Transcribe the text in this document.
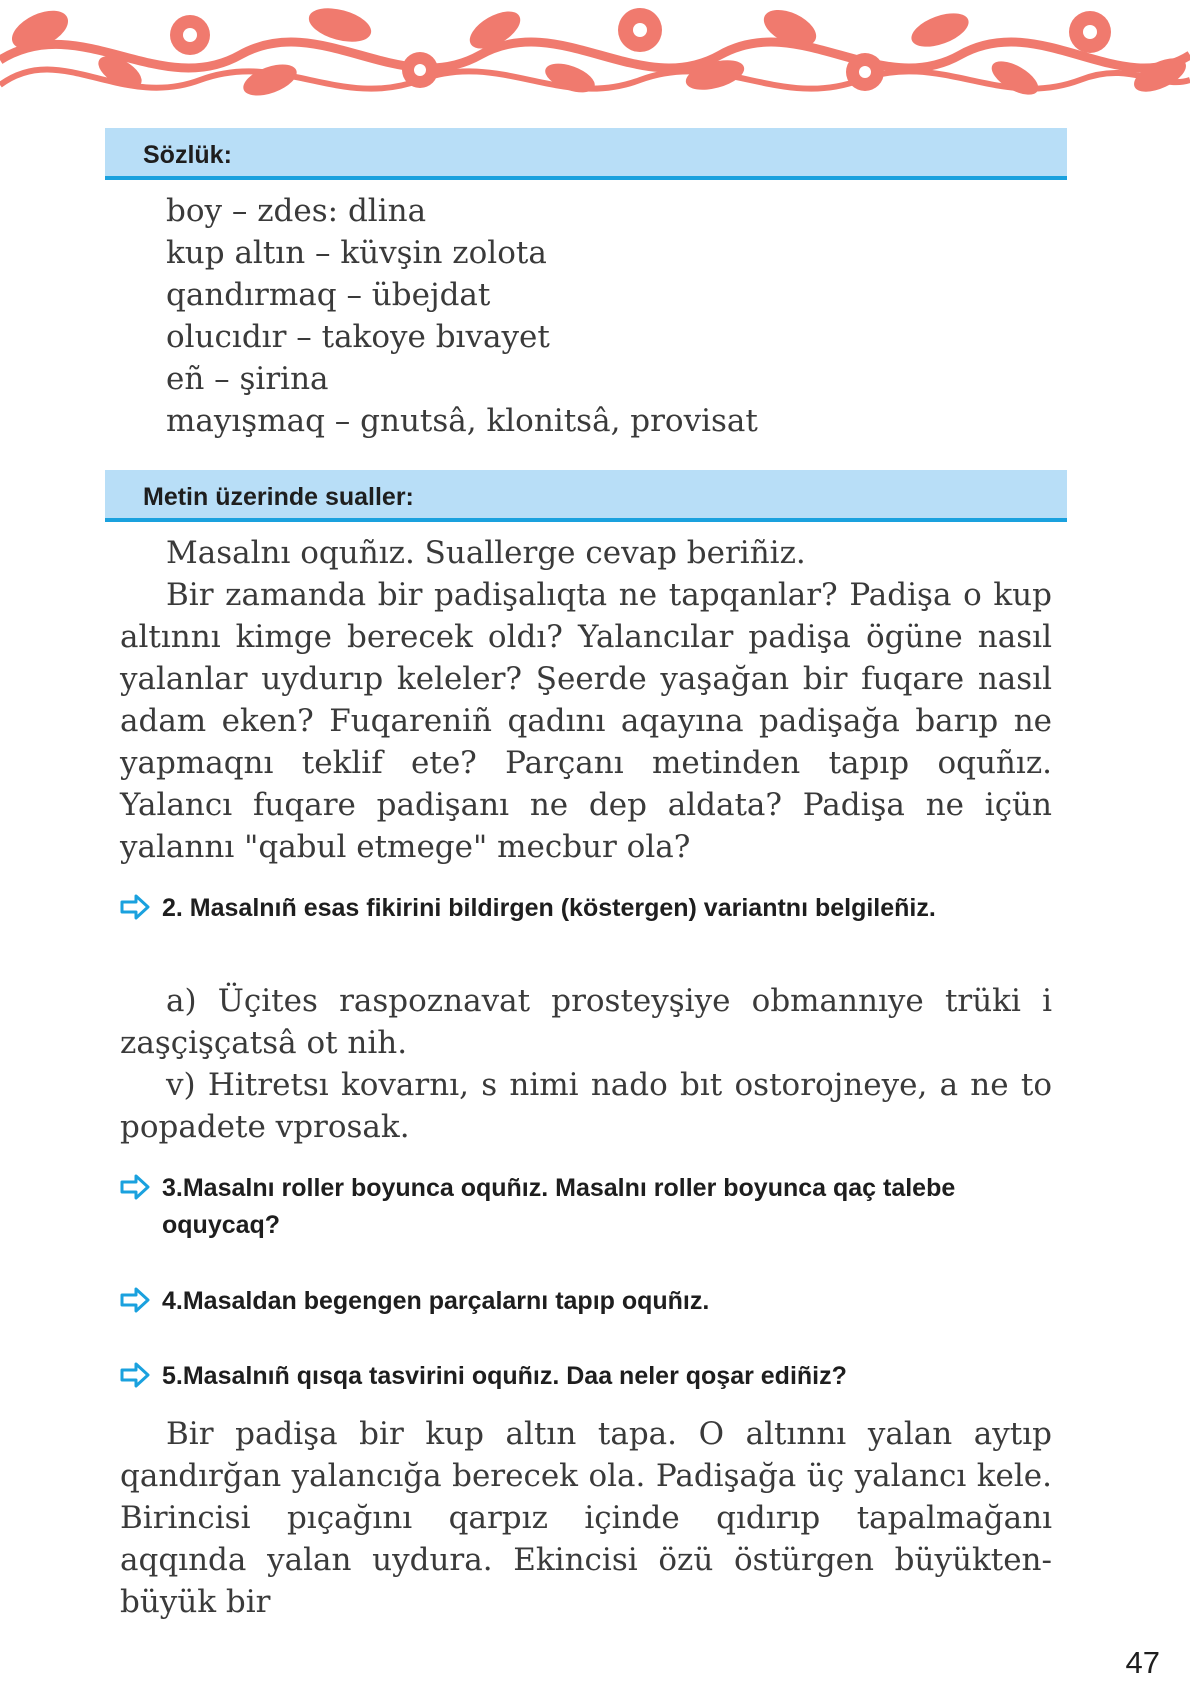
Sözlük:
boy – zdes: dlina
kup altın – küvşin zolota
qandırmaq – übejdat
olucıdır – takoye bıvayet
eñ – şirina
mayışmaq – gnutsâ, klonitsâ, provisat
Metin üzerinde sualler:

Masalnı oquñız. Suallerge cevap beriñiz.

Bir zamanda bir padişalıqta ne tapqanlar? Padişa o kup altınnı kimge berecek oldı? Yalancılar padişa ögüne nasıl yalanlar uydurıp keleler? Şeerde yaşağan bir fuqare nasıl adam eken? Fuqareniñ qadını aqayına padişağa barıp ne yapmaqnı teklif ete? Parçanı metinden tapıp oquñız. Yalancı fuqare padişanı ne dep aldata? Padişa ne içün yalannı "qabul etmege" mecbur ola?

2. Masalnıñ esas fikirini bildirgen (köstergen) variantnı belgileñiz.

a) Üçites raspoznavat prosteyşiye obmannıye trüki i zaşçişçatsâ ot nih.

v) Hitretsı kovarnı, s nimi nado bıt ostorojneye, a ne to popadete vprosak.

3.Masalnı roller boyunca oquñız. Masalnı roller boyunca qaç talebe oquycaq?
4.Masaldan begengen parçalarnı tapıp oquñız.
5.Masalnıñ qısqa tasvirini oquñız. Daa neler qoşar ediñiz?

Bir padişa bir kup altın tapa. O altınnı yalan aytıp qandırğan yalancığa berecek ola. Padişağa üç yalancı kele. Birincisi pıçağını qarpız içinde qıdırıp tapalmağanı aqqında yalan uydura. Ekincisi özü östürgen büyükten-büyük bir

47
